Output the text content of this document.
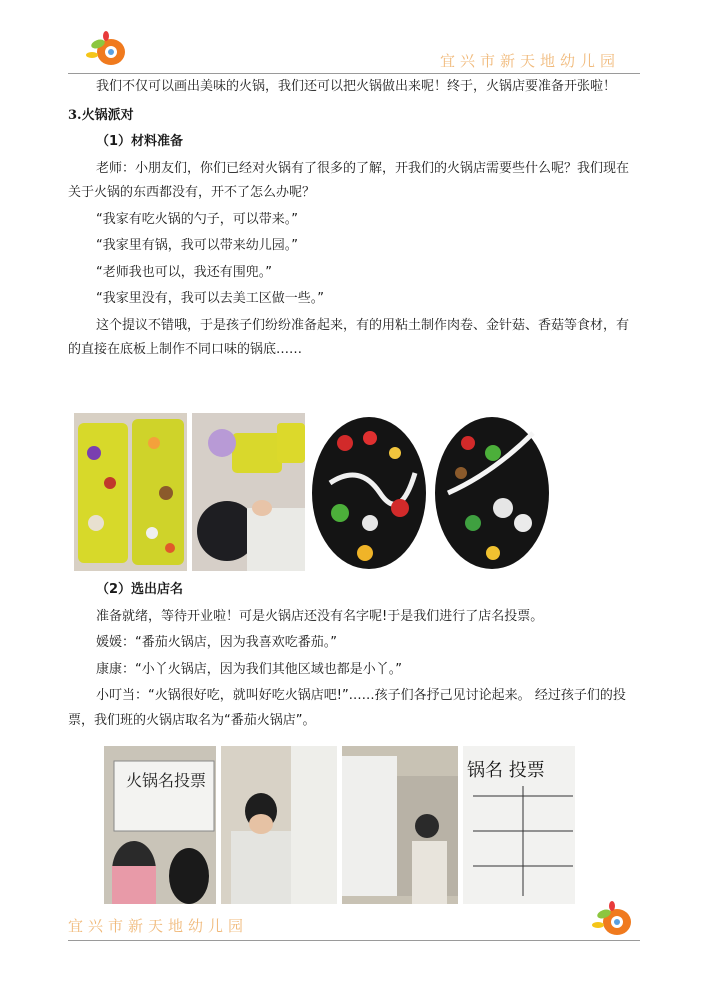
宜兴市新天地幼儿园

我们不仅可以画出美味的火锅，我们还可以把火锅做出来呢！终于，火锅店要准备开张啦！

3.火锅派对

（1）材料准备

老师：小朋友们，你们已经对火锅有了很多的了解，开我们的火锅店需要些什么呢？我们现在关于火锅的东西都没有，开不了怎么办呢？

“我家有吃火锅的勺子，可以带来。”

“我家里有锅，我可以带来幼儿园。”

“老师我也可以，我还有围兜。”

“我家里没有，我可以去美工区做一些。”

这个提议不错哦，于是孩子们纷纷准备起来，有的用粘土制作肉卷、金针菇、香菇等食材，有的直接在底板上制作不同口味的锅底……

（2）选出店名

准备就绪，等待开业啦！可是火锅店还没有名字呢!于是我们进行了店名投票。

媛媛：“番茄火锅店，因为我喜欢吃番茄。”

康康：“小丫火锅店，因为我们其他区域也都是小丫。”

小叮当：“火锅很好吃，就叫好吃火锅店吧!”……孩子们各抒己见讨论起来。 经过孩子们的投票，我们班的火锅店取名为“番茄火锅店”。

火锅名投票	锅名 投票
宜兴市新天地幼儿园
